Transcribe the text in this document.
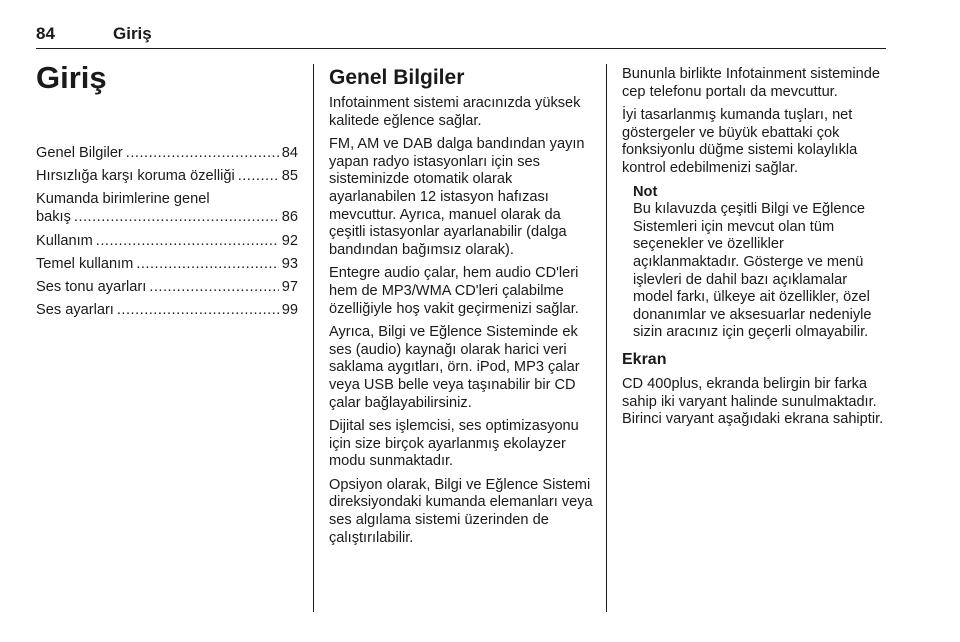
84	Giriş
Giriş
Genel Bilgiler .....	84
Hırsızlığa karşı koruma özelliği .....	85
Kumanda birimlerine genel
bakış .....	86
Kullanım .....	92
Temel kullanım .....	93
Ses tonu ayarları .....	97
Ses ayarları .....	99
Genel Bilgiler

Infotainment sistemi aracınızda yüksek kalitede eğlence sağlar.

FM, AM ve DAB dalga bandından yayın yapan radyo istasyonları için ses sisteminizde otomatik olarak ayarlanabilen 12 istasyon hafızası mevcuttur. Ayrıca, manuel olarak da çeşitli istasyonlar ayarlanabilir (dalga bandından bağımsız olarak).

Entegre audio çalar, hem audio CD'leri hem de MP3/WMA CD'leri çalabilme özelliğiyle hoş vakit geçirmenizi sağlar.

Ayrıca, Bilgi ve Eğlence Sisteminde ek ses (audio) kaynağı olarak harici veri saklama aygıtları, örn. iPod, MP3 çalar veya USB belle veya taşınabilir bir CD çalar bağlayabilirsiniz.

Dijital ses işlemcisi, ses optimizasyonu için size birçok ayarlanmış ekolayzer modu sunmaktadır.

Opsiyon olarak, Bilgi ve Eğlence Sistemi direksiyondaki kumanda elemanları veya ses algılama sistemi üzerinden de çalıştırılabilir.

Bununla birlikte Infotainment sisteminde cep telefonu portalı da mevcuttur.

İyi tasarlanmış kumanda tuşları, net göstergeler ve büyük ebattaki çok fonksiyonlu düğme sistemi kolaylıkla kontrol edebilmenizi sağlar.

Not
Bu kılavuzda çeşitli Bilgi ve Eğlence Sistemleri için mevcut olan tüm seçenekler ve özellikler açıklanmaktadır. Gösterge ve menü işlevleri de dahil bazı açıklamalar model farkı, ülkeye ait özellikler, özel donanımlar ve aksesuarlar nedeniyle sizin aracınız için geçerli olmayabilir.
Ekran

CD 400plus, ekranda belirgin bir farka sahip iki varyant halinde sunulmaktadır. Birinci varyant aşağıdaki ekrana sahiptir.
